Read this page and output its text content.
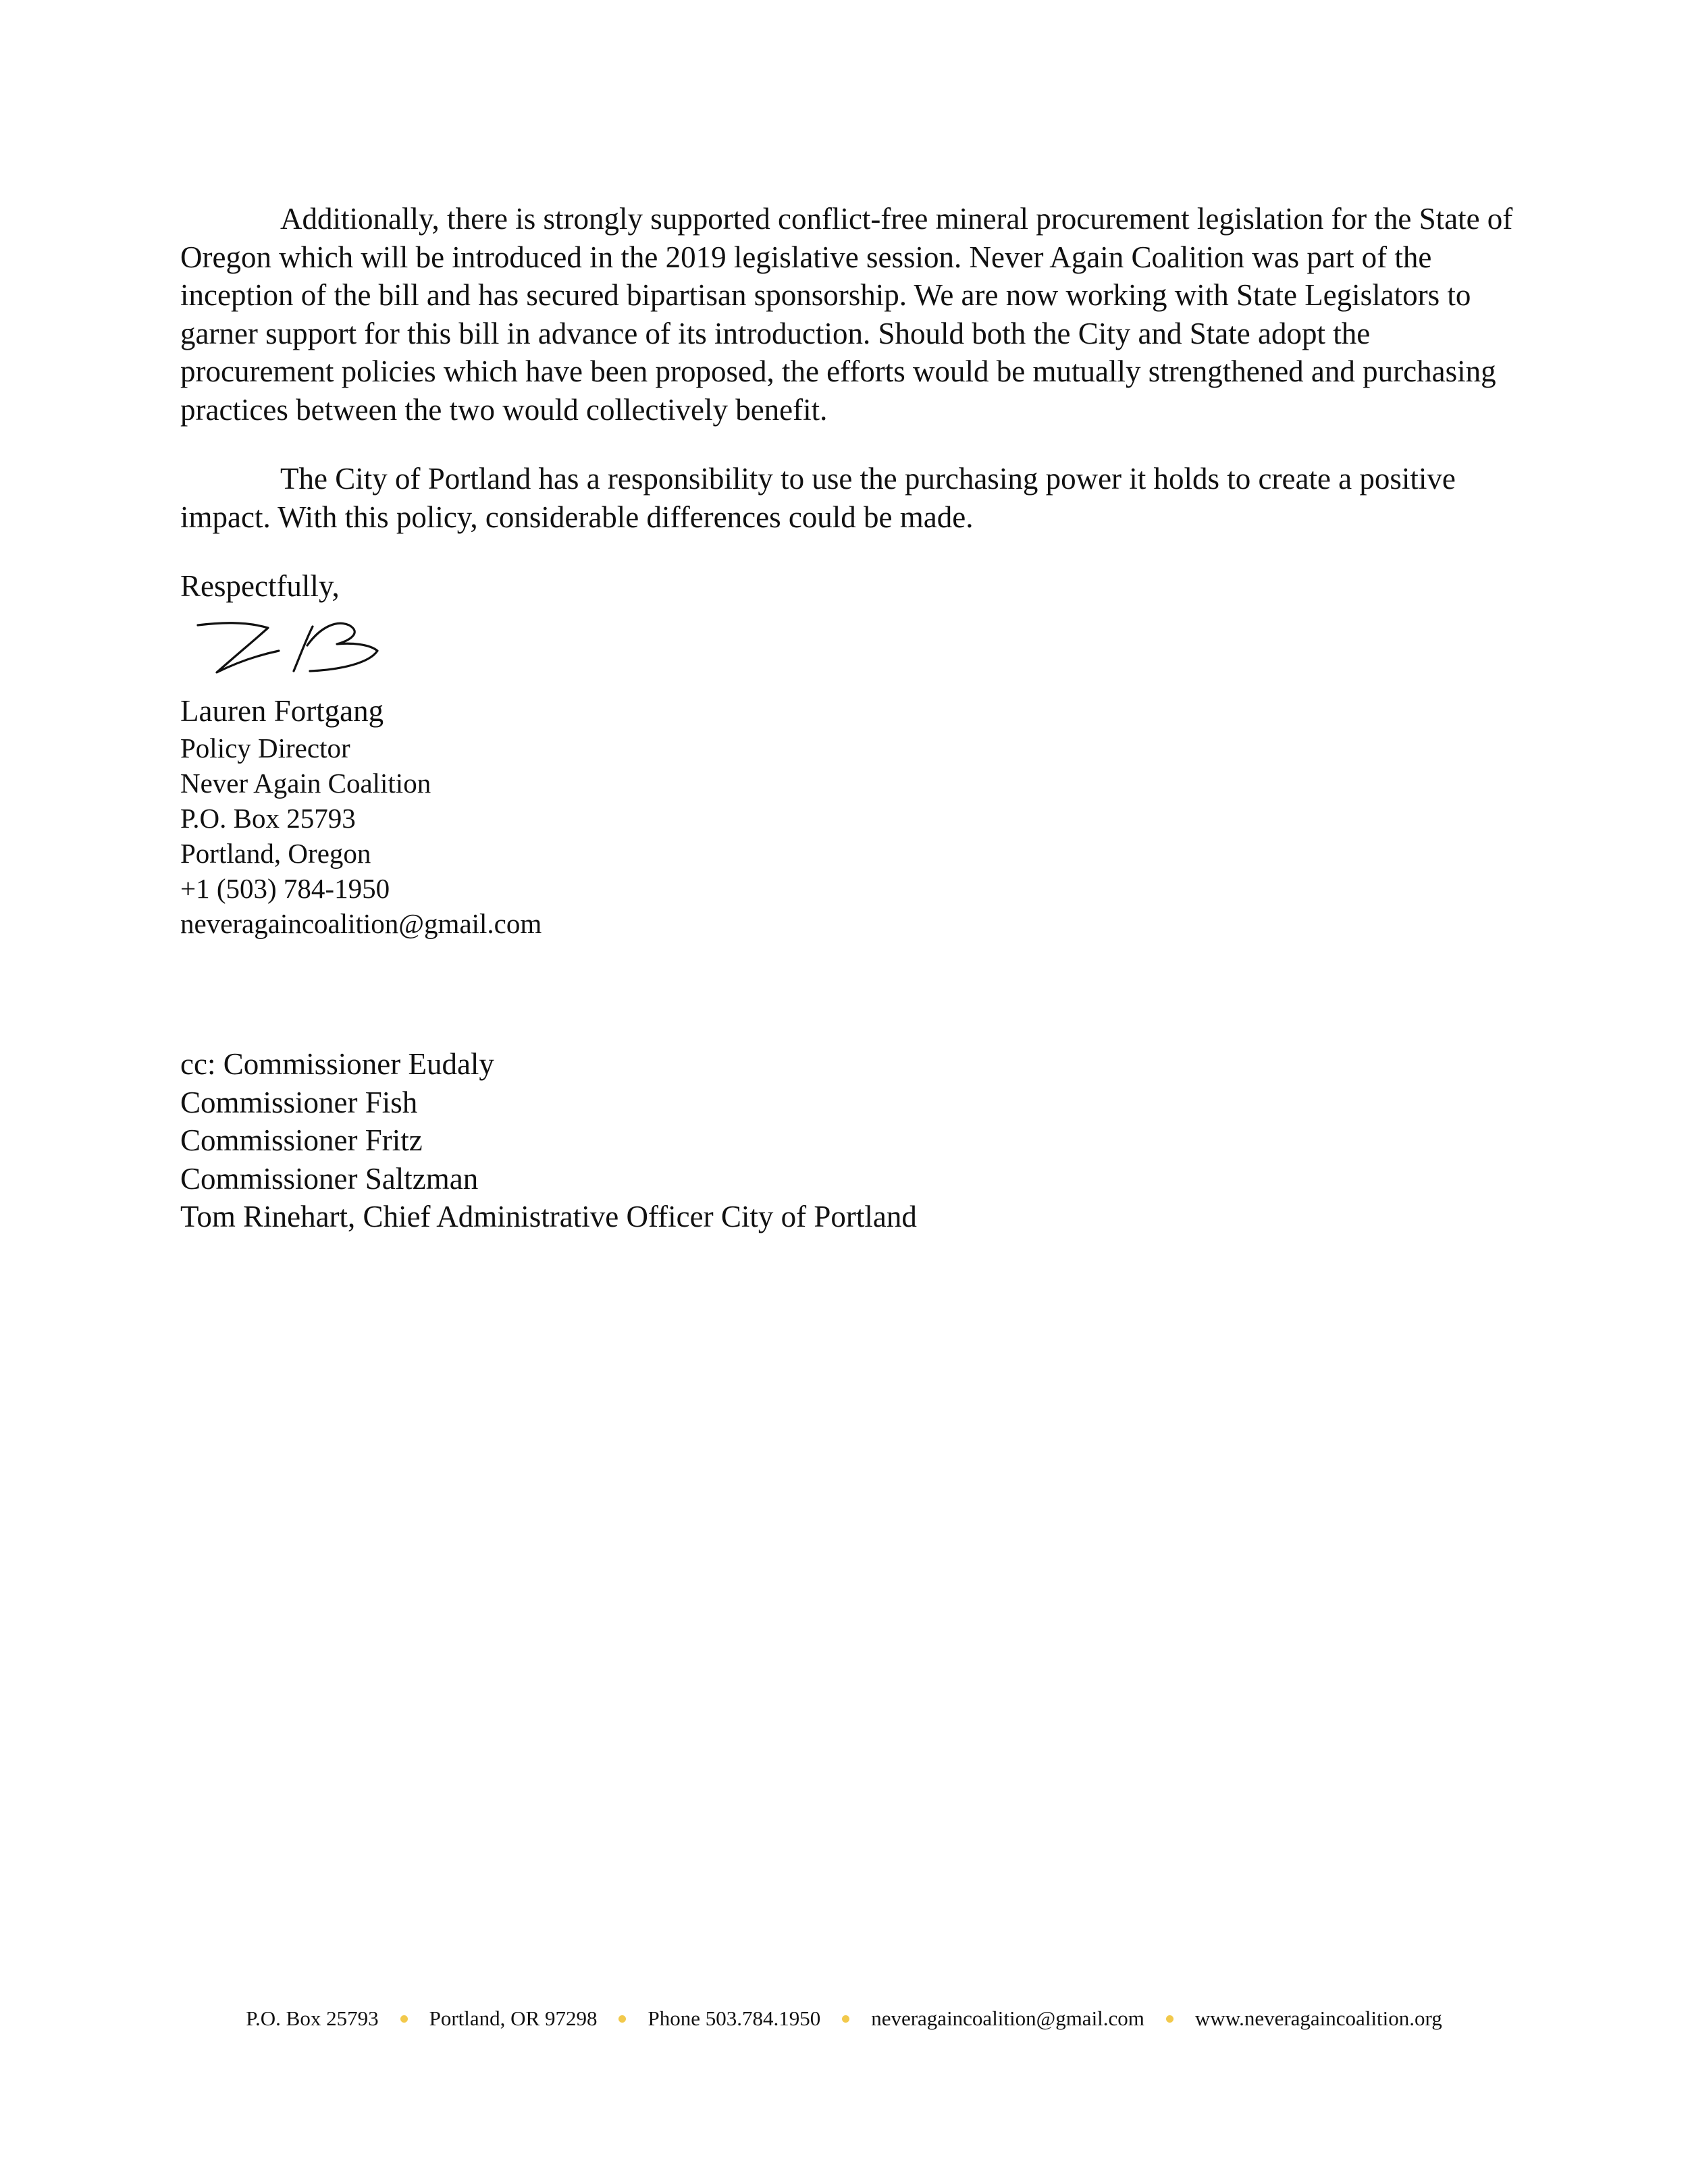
Additionally, there is strongly supported conflict-free mineral procurement legislation for the State of Oregon which will be introduced in the 2019 legislative session. Never Again Coalition was part of the inception of the bill and has secured bipartisan sponsorship. We are now working with State Legislators to garner support for this bill in advance of its introduction. Should both the City and State adopt the procurement policies which have been proposed, the efforts would be mutually strengthened and purchasing practices between the two would collectively benefit.

The City of Portland has a responsibility to use the purchasing power it holds to create a positive impact. With this policy, considerable differences could be made.

Respectfully,

Lauren Fortgang

Policy Director

Never Again Coalition

P.O. Box 25793

Portland, Oregon

+1 (503) 784-1950

neveragaincoalition@gmail.com

cc: Commissioner Eudaly

Commissioner Fish

Commissioner Fritz

Commissioner Saltzman

Tom Rinehart, Chief Administrative Officer City of Portland

P.O. Box 25793 Portland, OR 97298 Phone 503.784.1950 neveragaincoalition@gmail.com www.neveragaincoalition.org
